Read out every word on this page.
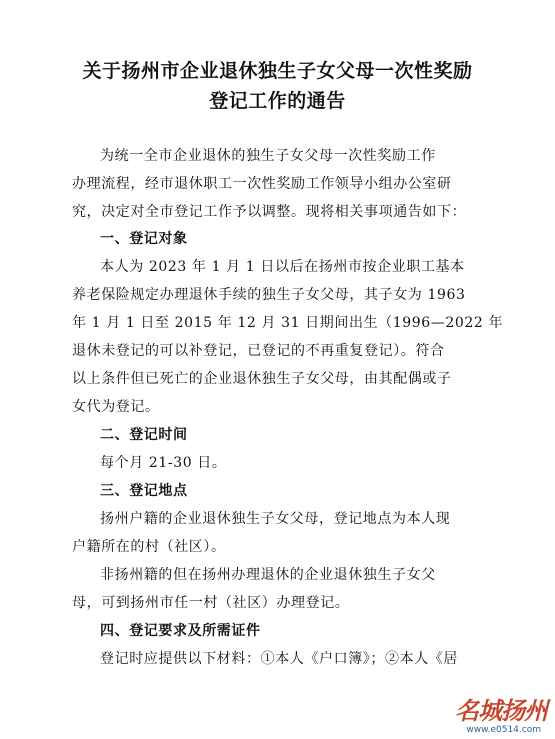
关于扬州市企业退休独生子女父母一次性奖励
登记工作的通告
为统一全市企业退休的独生子女父母一次性奖励工作
办理流程，经市退休职工一次性奖励工作领导小组办公室研
究，决定对全市登记工作予以调整。现将相关事项通告如下：
一、登记对象
本人为 2023 年 1 月 1 日以后在扬州市按企业职工基本
养老保险规定办理退休手续的独生子女父母，其子女为 1963
年 1 月 1 日至 2015 年 12 月 31 日期间出生（1996—2022 年
退休未登记的可以补登记，已登记的不再重复登记）。符合
以上条件但已死亡的企业退休独生子女父母，由其配偶或子
女代为登记。
二、登记时间
每个月 21-30 日。
三、登记地点
扬州户籍的企业退休独生子女父母，登记地点为本人现
户籍所在的村（社区）。
非扬州籍的但在扬州办理退休的企业退休独生子女父
母，可到扬州市任一村（社区）办理登记。
四、登记要求及所需证件
登记时应提供以下材料：①本人《户口簿》；②本人《居
名城扬州
www.e0514.com
